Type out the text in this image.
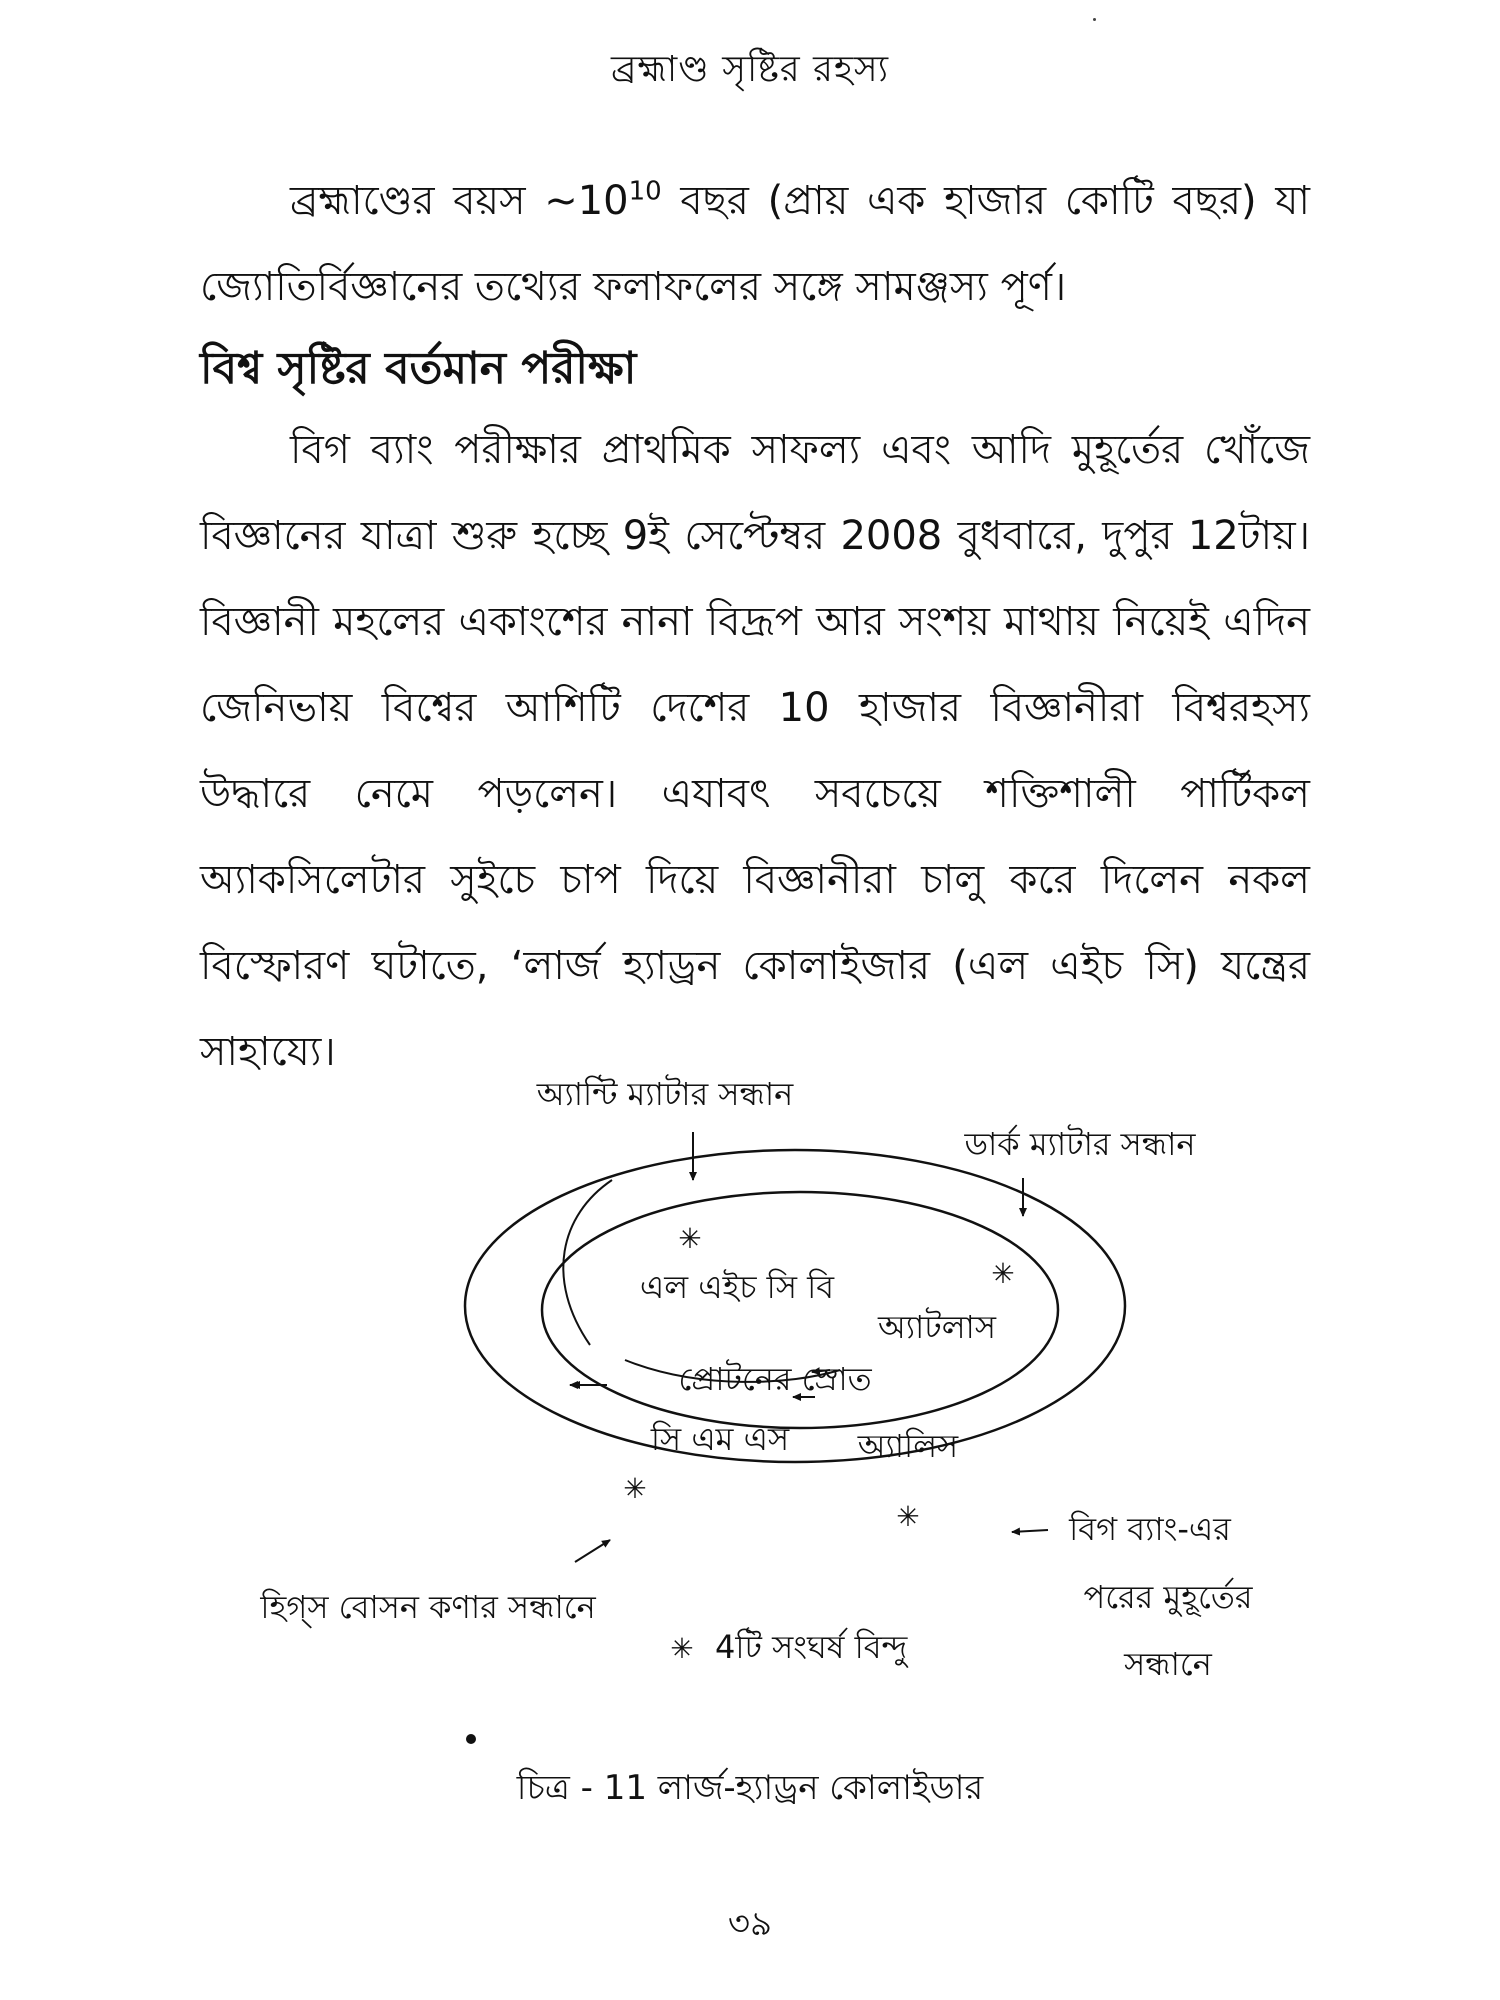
ব্রহ্মাণ্ড সৃষ্টির রহস্য
ব্রহ্মাণ্ডের বয়স $\sim 10^{10}$ বছর (প্রায় এক হাজার কোটি বছর) যা জ্যোতির্বিজ্ঞানের তথ্যের ফলাফলের সঙ্গে সামঞ্জস্য পূর্ণ।
বিশ্ব সৃষ্টির বর্তমান পরীক্ষা
বিগ ব্যাং পরীক্ষার প্রাথমিক সাফল্য এবং আদি মুহূর্তের খোঁজে বিজ্ঞানের যাত্রা শুরু হচ্ছে 9ই সেপ্টেম্বর 2008 বুধবারে, দুপুর 12টায়। বিজ্ঞানী মহলের একাংশের নানা বিদ্রূপ আর সংশয় মাথায় নিয়েই এদিন জেনিভায় বিশ্বের আশিটি দেশের 10 হাজার বিজ্ঞানীরা বিশ্বরহস্য উদ্ধারে নেমে পড়লেন। এযাবৎ সবচেয়ে শক্তিশালী পার্টিকল অ্যাকসিলেটার সুইচে চাপ দিয়ে বিজ্ঞানীরা চালু করে দিলেন নকল বিস্ফোরণ ঘটাতে, ‘লার্জ হ্যাড্রন কোলাইজার (এল এইচ সি) যন্ত্রের সাহায্যে।
✳
✳
✳
✳
অ্যান্টি ম্যাটার সন্ধান
ডার্ক ম্যাটার সন্ধান
এল এইচ সি বি
অ্যাটলাস
প্রোটনের স্রোত
সি এম এস অ্যালিস
বিগ ব্যাং-এর
পরের মুহূর্তের
সন্ধানে
হিগ্‌স বোসন কণার সন্ধানে
✳ 4টি সংঘর্ষ বিন্দু
চিত্র - 11 লার্জ-হ্যাড্রন কোলাইডার
৩৯
